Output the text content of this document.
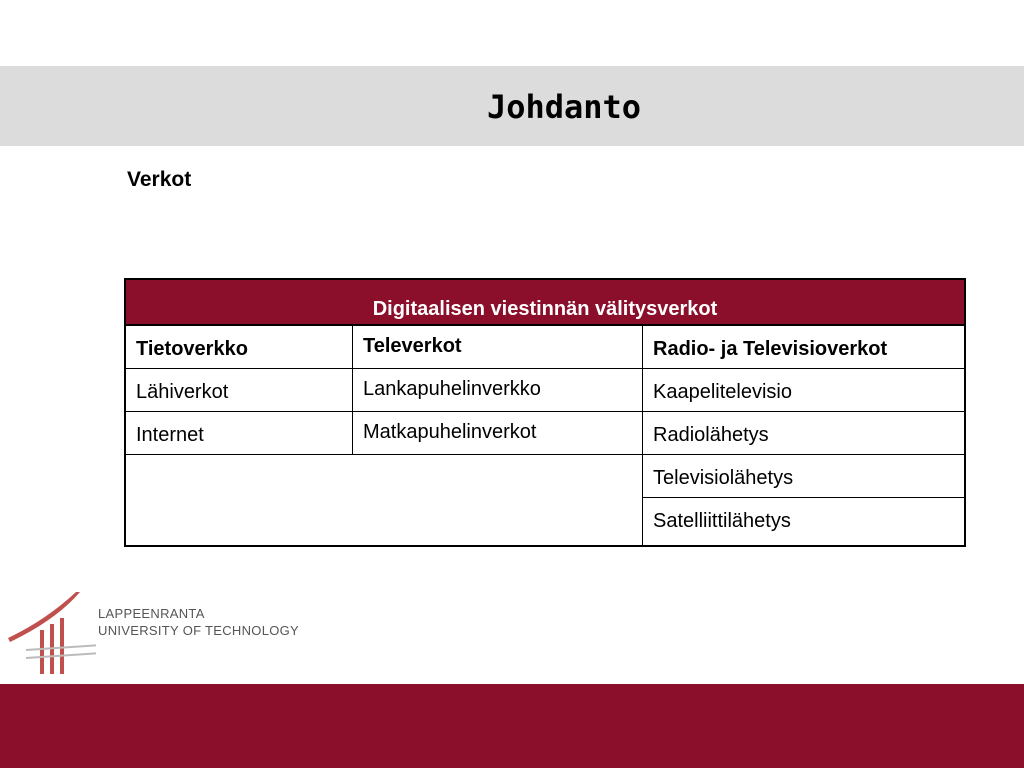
Johdanto
Verkot
Digitaalisen viestinnän välitysverkot
Tietoverkko
Lähiverkot
Internet
Televerkot
Lankapuhelinverkko
Matkapuhelinverkot
Radio- ja Televisioverkot
Kaapelitelevisio
Radiolähetys
Televisiolähetys
Satelliittilähetys
LAPPEENRANTA
UNIVERSITY OF TECHNOLOGY
